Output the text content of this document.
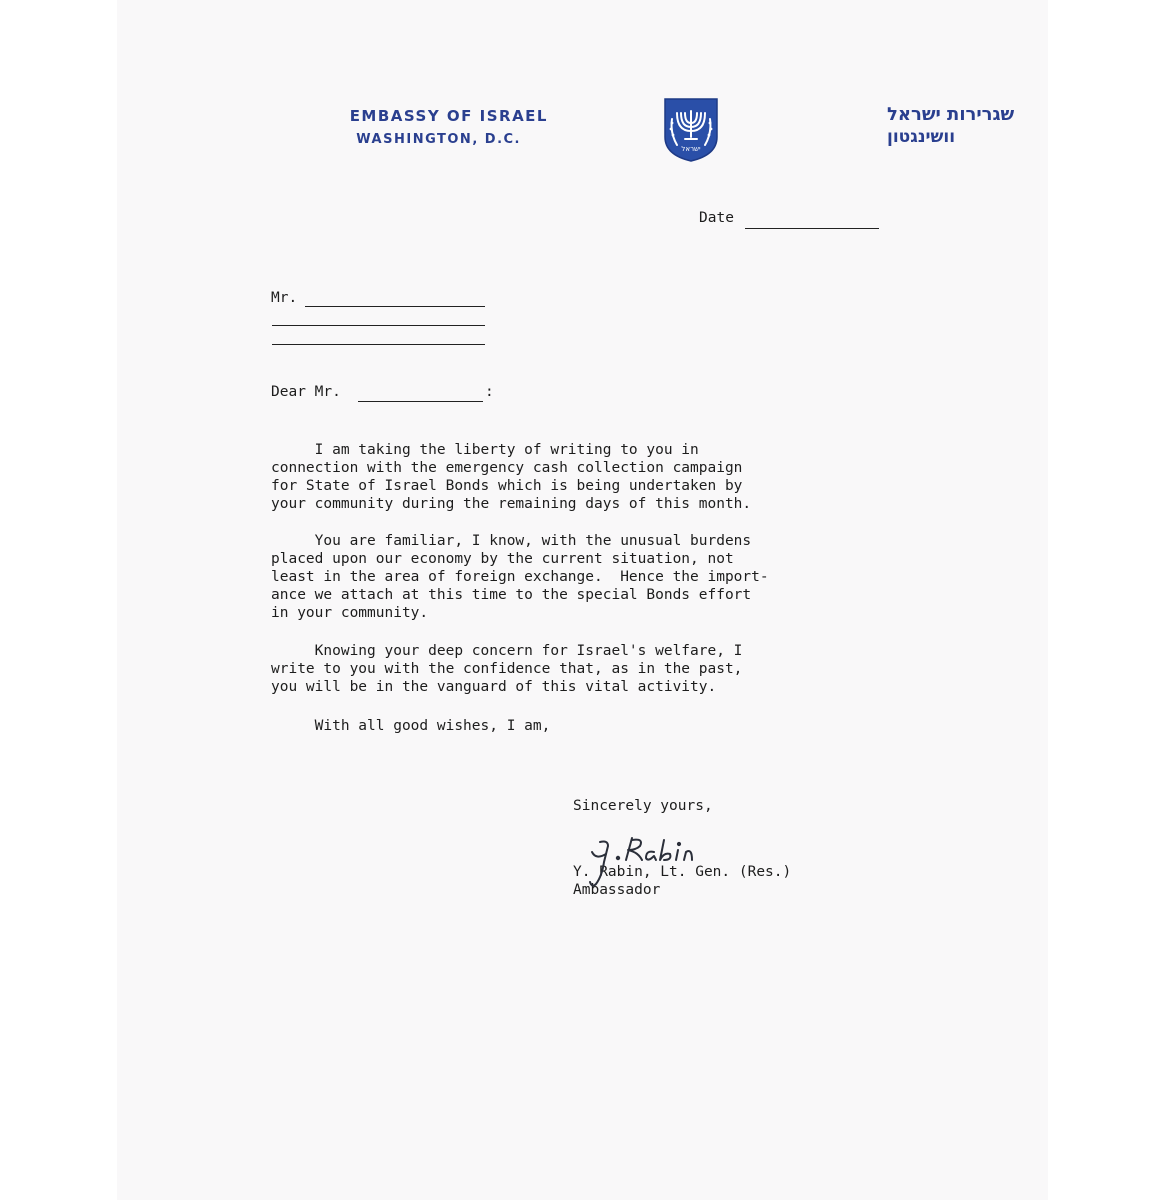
EMBASSY OF ISRAEL
WASHINGTON, D.C.
ישראל
שגרירות ישראל
וושינגטון

Date

Mr.

Dear Mr.	:

I am taking the liberty of writing to you in
connection with the emergency cash collection campaign
for State of Israel Bonds which is being undertaken by
your community during the remaining days of this month.

You are familiar, I know, with the unusual burdens
placed upon our economy by the current situation, not
least in the area of foreign exchange.  Hence the import-
ance we attach at this time to the special Bonds effort
in your community.

Knowing your deep concern for Israel's welfare, I
write to you with the confidence that, as in the past,
you will be in the vanguard of this vital activity.

With all good wishes, I am,

Sincerely yours,

Y. Rabin, Lt. Gen. (Res.)

Ambassador
